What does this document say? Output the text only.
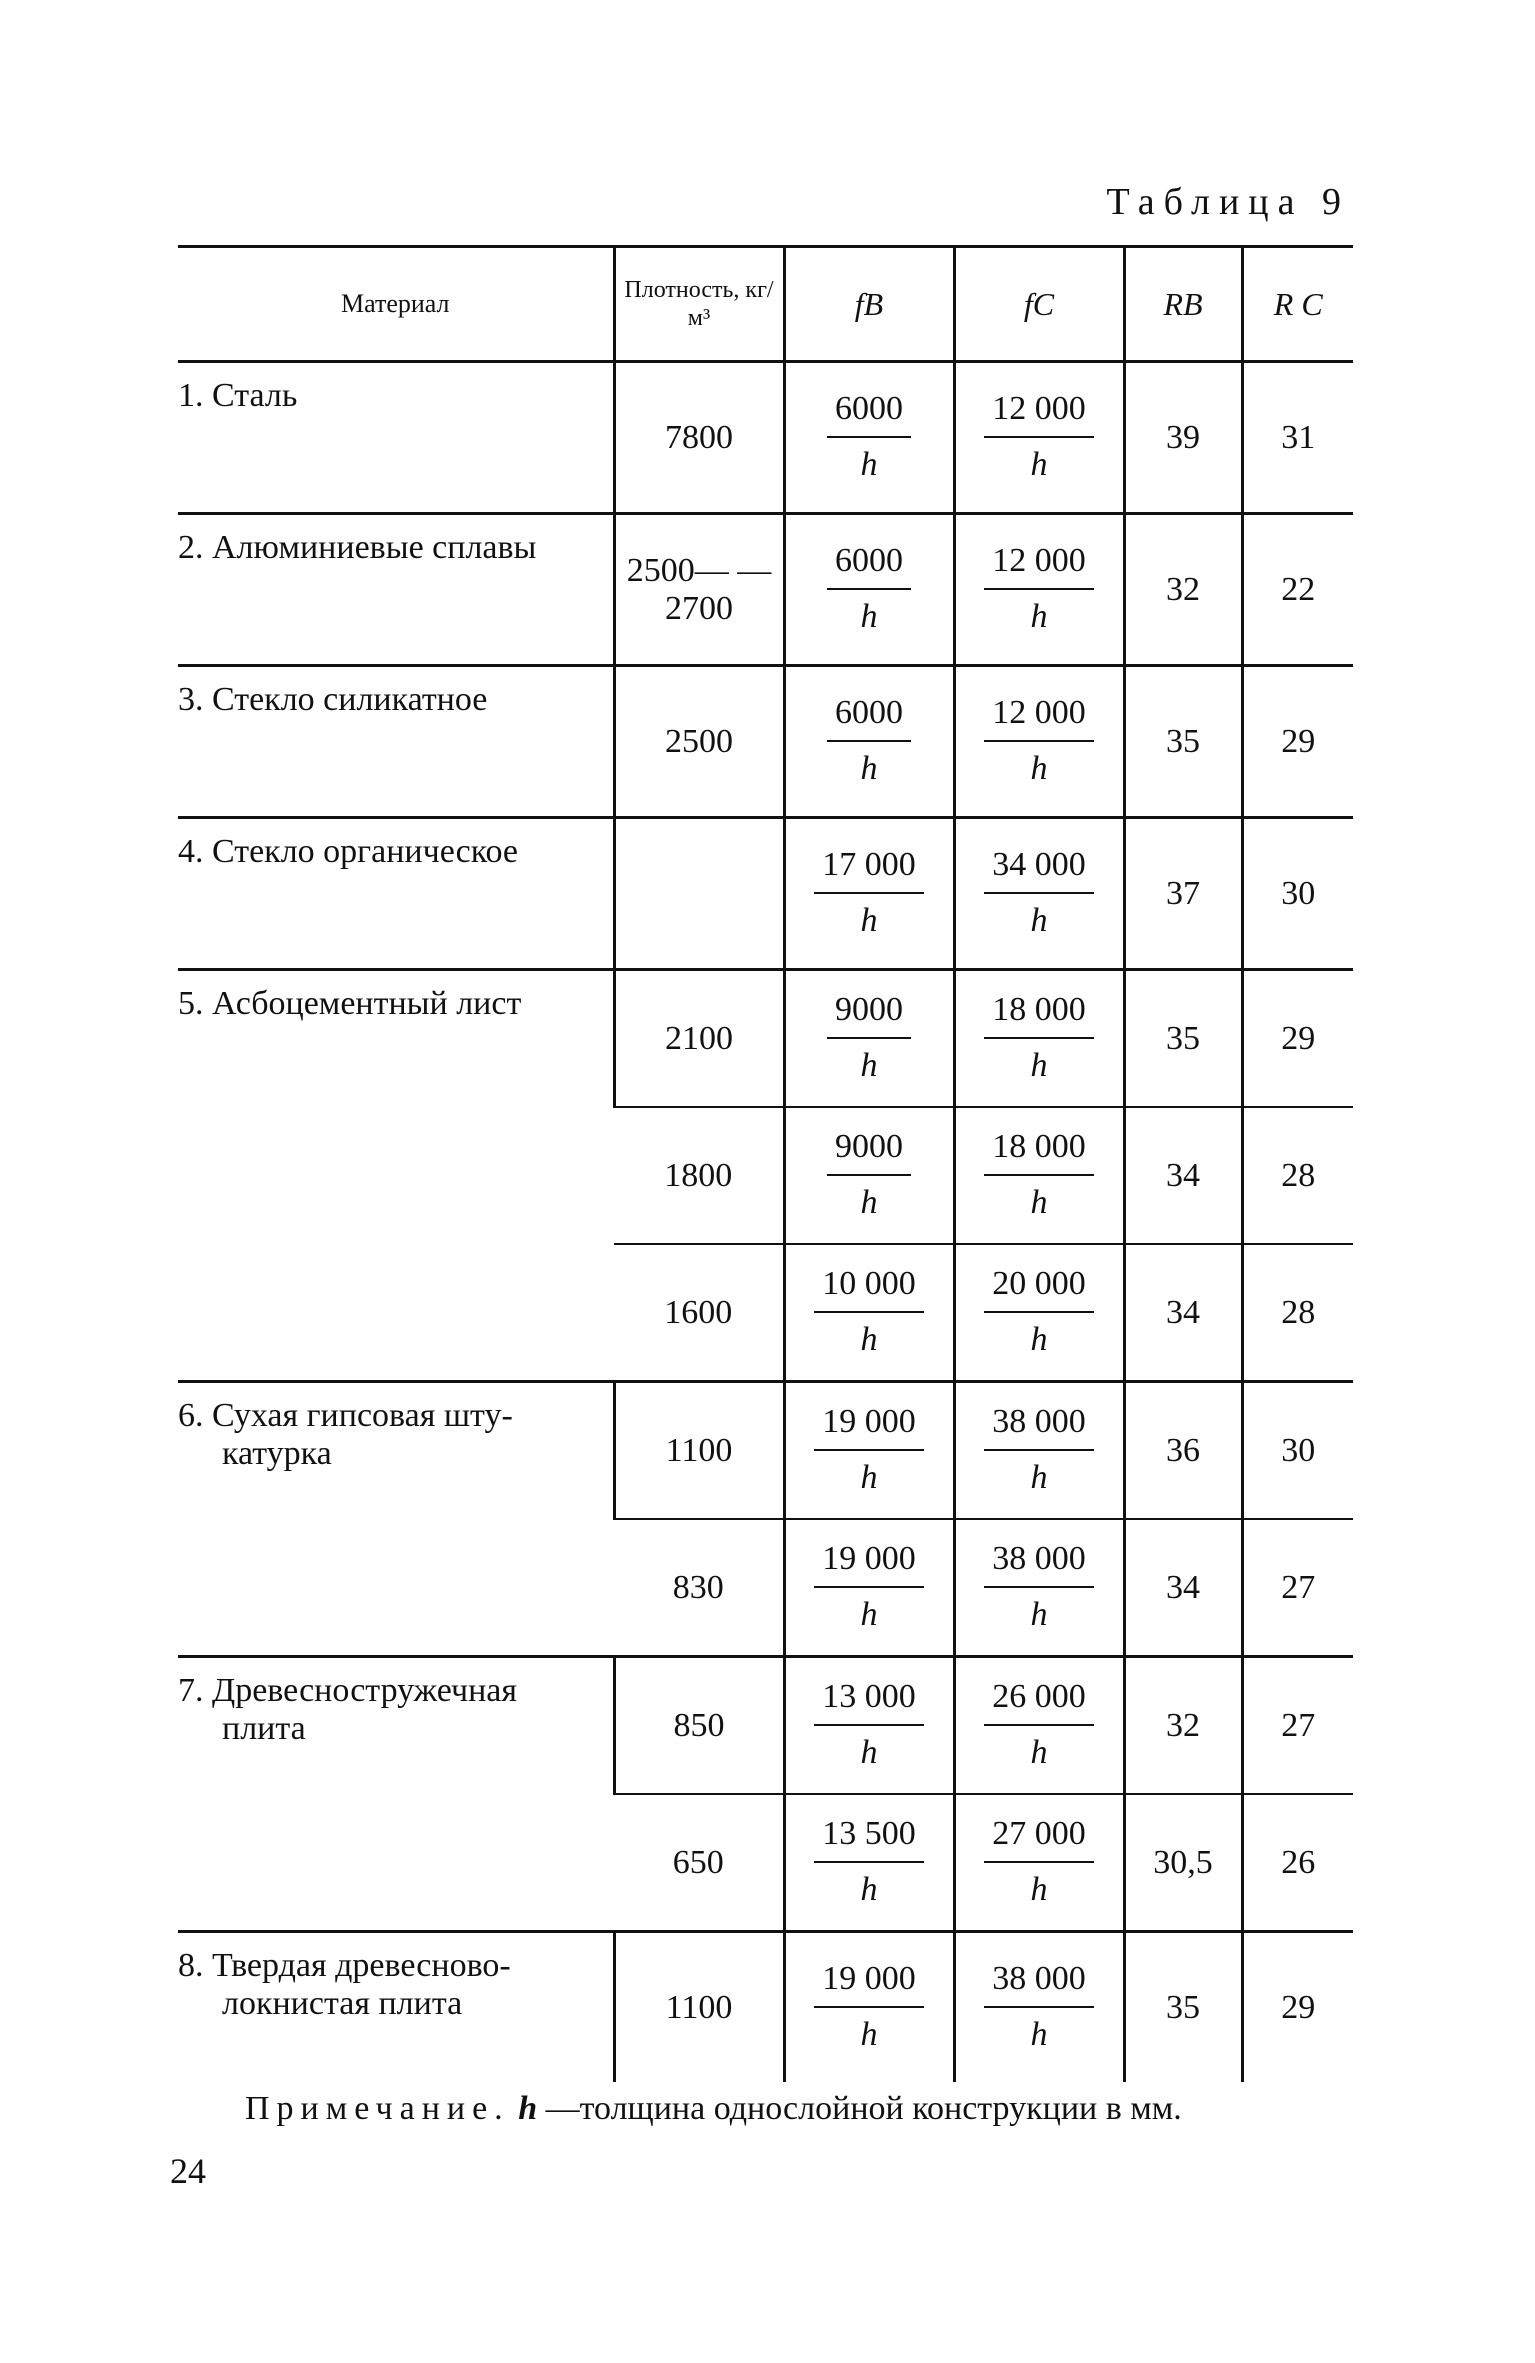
Таблица 9
Материал	Плотность, кг/м³	fB	fC	RB	R C

1. Сталь	7800	$\frac{6000}{h}$	$\frac{12 000}{h}$	39	31

2. Алюминиевые сплавы	2500— —2700	$\frac{6000}{h}$	$\frac{12 000}{h}$	32	22

3. Стекло силикатное	2500	$\frac{6000}{h}$	$\frac{12 000}{h}$	35	29

4. Стекло органическое		$\frac{17 000}{h}$	$\frac{34 000}{h}$	37	30

5. Асбоцементный лист	2100	$\frac{9000}{h}$	$\frac{18 000}{h}$	35	29
	1800	$\frac{9000}{h}$	$\frac{18 000}{h}$	34	28
	1600	$\frac{10 000}{h}$	$\frac{20 000}{h}$	34	28

6. Сухая гипсовая шту-
катурка	1100	$\frac{19 000}{h}$	$\frac{38 000}{h}$	36	30
	830	$\frac{19 000}{h}$	$\frac{38 000}{h}$	34	27

7. Древесностружечная
плита	850	$\frac{13 000}{h}$	$\frac{26 000}{h}$	32	27
	650	$\frac{13 500}{h}$	$\frac{27 000}{h}$	30,5	26

8. Твердая древесново-
локнистая плита	1100	$\frac{19 000}{h}$	$\frac{38 000}{h}$	35	29
Примечание. h —толщина однослойной конструкции в мм.
24
